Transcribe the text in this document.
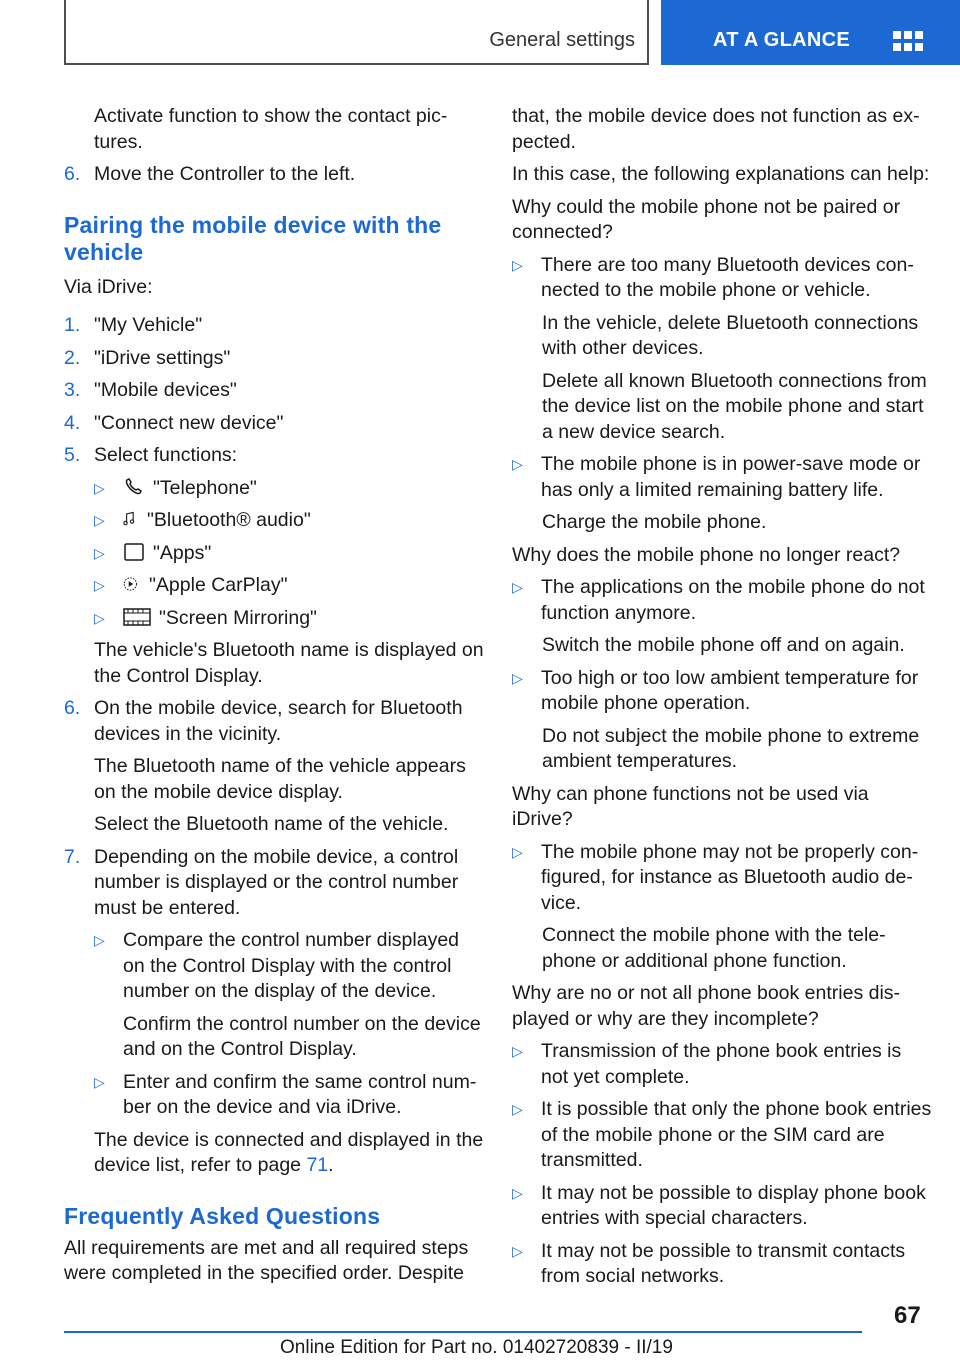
General settings	AT A GLANCE

Activate function to show the contact pic-tures.

6. Move the Controller to the left.

Pairing the mobile device with the vehicle

Via iDrive:

1. "My Vehicle"
2. "iDrive settings"
3. "Mobile devices"
4. "Connect new device"
5. Select functions:
▷ "Telephone"
▷ "Bluetooth® audio"
▷ "Apps"
▷ "Apple CarPlay"
▷	"Screen Mirroring"

The vehicle's Bluetooth name is displayed on the Control Display.

6. On the mobile device, search for Bluetooth devices in the vicinity.

The Bluetooth name of the vehicle appears on the mobile device display.

Select the Bluetooth name of the vehicle.

7. Depending on the mobile device, a control number is displayed or the control number must be entered.
▷ Compare the control number displayed on the Control Display with the control number on the display of the device.

Confirm the control number on the device and on the Control Display.

▷ Enter and confirm the same control num-ber on the device and via iDrive.

The device is connected and displayed in the device list, refer to page 71.

Frequently Asked Questions

All requirements are met and all required steps were completed in the specified order. Despite

that, the mobile device does not function as ex-pected.

In this case, the following explanations can help:

Why could the mobile phone not be paired or connected?

▷ There are too many Bluetooth devices con-nected to the mobile phone or vehicle.

In the vehicle, delete Bluetooth connections with other devices.

Delete all known Bluetooth connections from the device list on the mobile phone and start a new device search.

▷ The mobile phone is in power-save mode or has only a limited remaining battery life.

Charge the mobile phone.

Why does the mobile phone no longer react?

▷ The applications on the mobile phone do not function anymore.

Switch the mobile phone off and on again.

▷ Too high or too low ambient temperature for mobile phone operation.

Do not subject the mobile phone to extreme ambient temperatures.

Why can phone functions not be used via iDrive?

▷ The mobile phone may not be properly con-figured, for instance as Bluetooth audio de-vice.

Connect the mobile phone with the tele-phone or additional phone function.

Why are no or not all phone book entries dis-played or why are they incomplete?

▷ Transmission of the phone book entries is not yet complete.
▷ It is possible that only the phone book entries of the mobile phone or the SIM card are transmitted.
▷ It may not be possible to display phone book entries with special characters.
▷ It may not be possible to transmit contacts from social networks.
67
Online Edition for Part no. 01402720839 - II/19
